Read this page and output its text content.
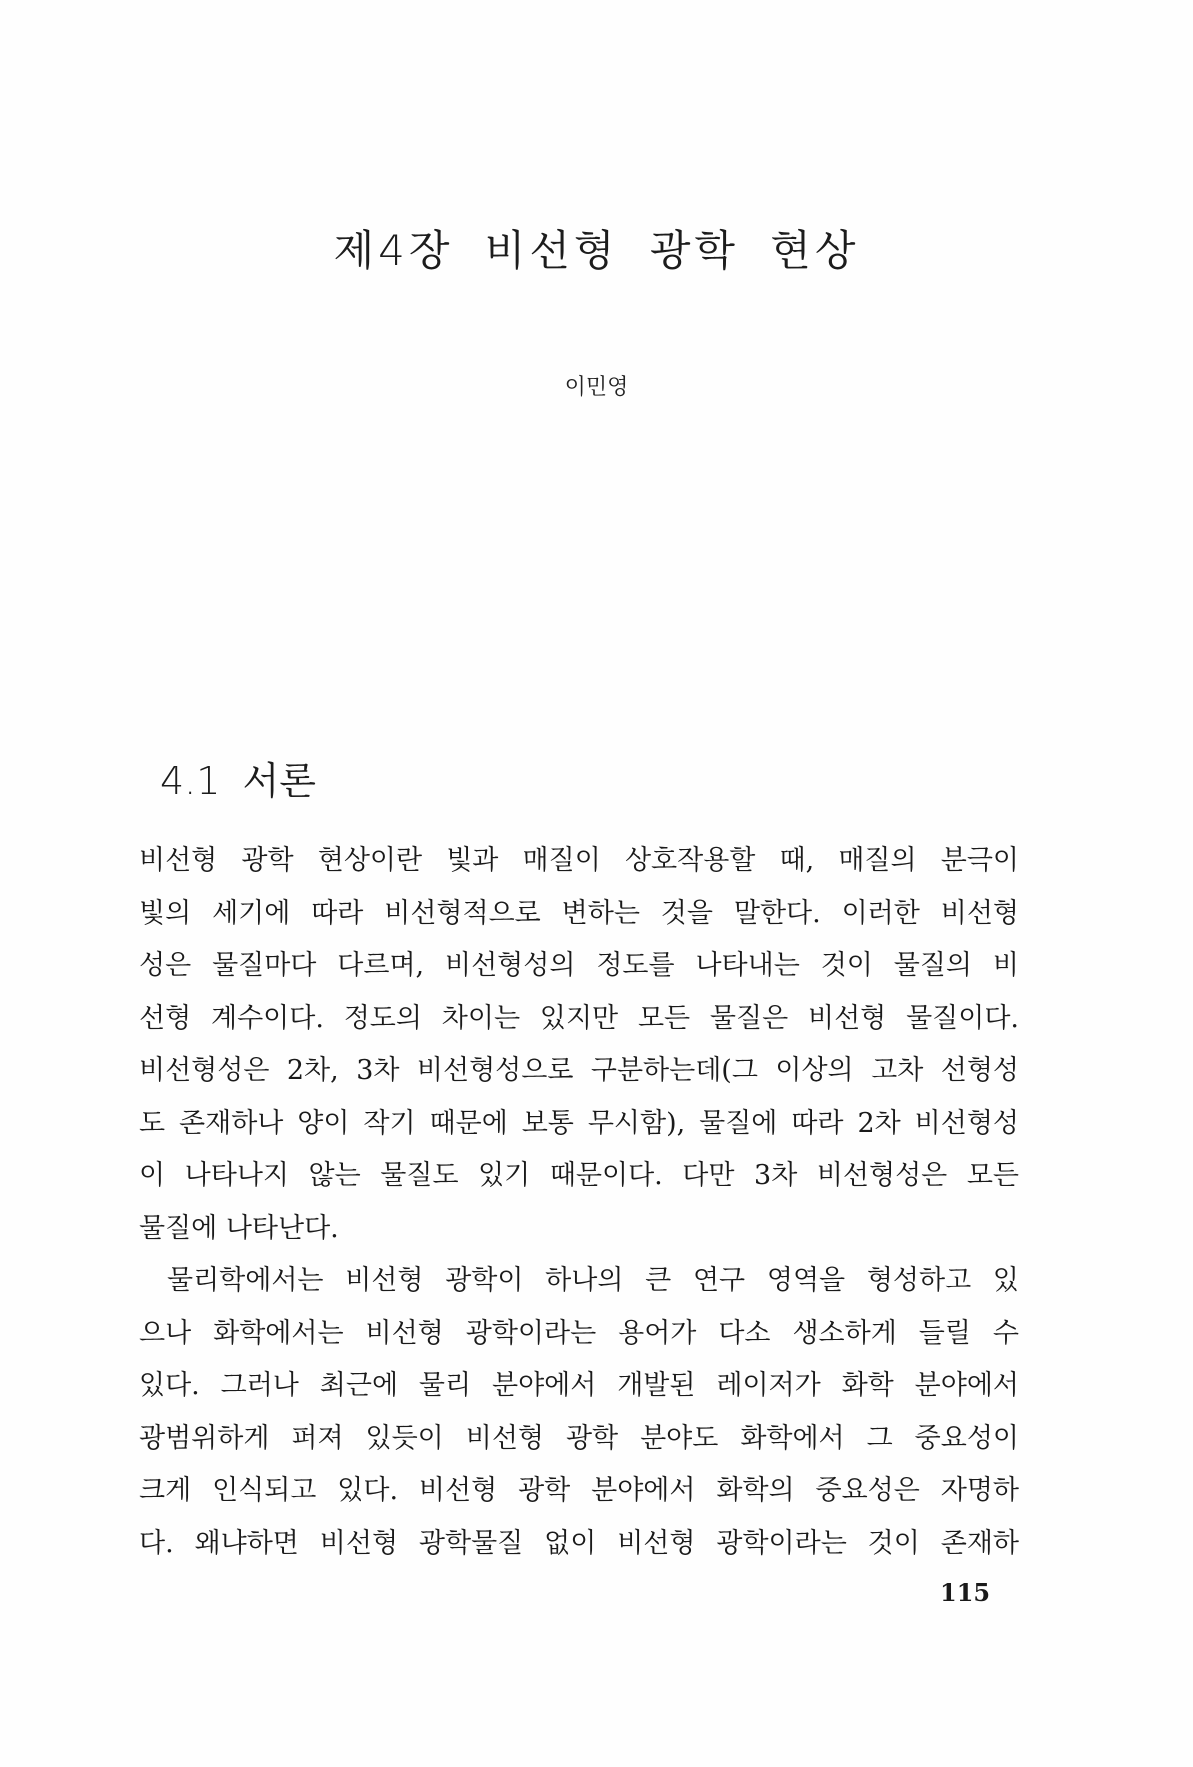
제4장 비선형 광학 현상
이민영
4.1 서론
비선형 광학 현상이란 빛과 매질이 상호작용할 때, 매질의 분극이
빛의 세기에 따라 비선형적으로 변하는 것을 말한다. 이러한 비선형
성은 물질마다 다르며, 비선형성의 정도를 나타내는 것이 물질의 비
선형 계수이다. 정도의 차이는 있지만 모든 물질은 비선형 물질이다.
비선형성은 2차, 3차 비선형성으로 구분하는데(그 이상의 고차 선형성
도 존재하나 양이 작기 때문에 보통 무시함), 물질에 따라 2차 비선형성
이 나타나지 않는 물질도 있기 때문이다. 다만 3차 비선형성은 모든
물질에 나타난다.
물리학에서는 비선형 광학이 하나의 큰 연구 영역을 형성하고 있
으나 화학에서는 비선형 광학이라는 용어가 다소 생소하게 들릴 수
있다. 그러나 최근에 물리 분야에서 개발된 레이저가 화학 분야에서
광범위하게 퍼져 있듯이 비선형 광학 분야도 화학에서 그 중요성이
크게 인식되고 있다. 비선형 광학 분야에서 화학의 중요성은 자명하
다. 왜냐하면 비선형 광학물질 없이 비선형 광학이라는 것이 존재하
115
